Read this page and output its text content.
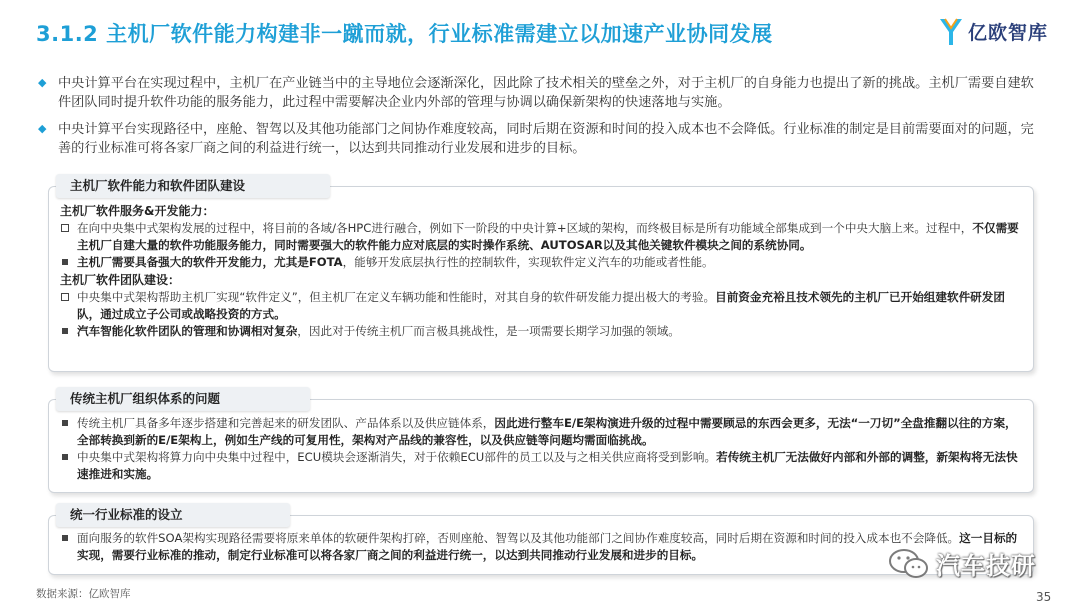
3.1.2 主机厂软件能力构建非一蹴而就，行业标准需建立以加速产业协同发展	亿欧智库
◆ 中央计算平台在实现过程中，主机厂在产业链当中的主导地位会逐渐深化，因此除了技术相关的壁垒之外，对于主机厂的自身能力也提出了新的挑战。主机厂需要自建软件团队同时提升软件功能的服务能力，此过程中需要解决企业内外部的管理与协调以确保新架构的快速落地与实施。
◆ 中央计算平台实现路径中，座舱、智驾以及其他功能部门之间协作难度较高，同时后期在资源和时间的投入成本也不会降低。行业标准的制定是目前需要面对的问题，完善的行业标准可将各家厂商之间的利益进行统一，以达到共同推动行业发展和进步的目标。
主机厂软件能力和软件团队建设
主机厂软件服务&开发能力：
在向中央集中式架构发展的过程中，将目前的各域/各HPC进行融合，例如下一阶段的中央计算+区域的架构，而终极目标是所有功能域全部集成到一个中央大脑上来。过程中，不仅需要主机厂自建大量的软件功能服务能力，同时需要强大的软件能力应对底层的实时操作系统、AUTOSAR以及其他关键软件模块之间的系统协同。
主机厂需要具备强大的软件开发能力，尤其是FOTA，能够开发底层执行性的控制软件，实现软件定义汽车的功能或者性能。
主机厂软件团队建设：
中央集中式架构帮助主机厂实现“软件定义”，但主机厂在定义车辆功能和性能时，对其自身的软件研发能力提出极大的考验。目前资金充裕且技术领先的主机厂已开始组建软件研发团队，通过成立子公司或战略投资的方式。
汽车智能化软件团队的管理和协调相对复杂，因此对于传统主机厂而言极具挑战性，是一项需要长期学习加强的领域。
传统主机厂组织体系的问题
传统主机厂具备多年逐步搭建和完善起来的研发团队、产品体系以及供应链体系，因此进行整车E/E架构演进升级的过程中需要顾忌的东西会更多，无法“一刀切”全盘推翻以往的方案，全部转换到新的E/E架构上，例如生产线的可复用性，架构对产品线的兼容性，以及供应链等问题均需面临挑战。
中央集中式架构将算力向中央集中过程中，ECU模块会逐渐消失，对于依赖ECU部件的员工以及与之相关供应商将受到影响。若传统主机厂无法做好内部和外部的调整，新架构将无法快速推进和实施。
统一行业标准的设立
面向服务的软件SOA架构实现路径需要将原来单体的软硬件架构打碎，否则座舱、智驾以及其他功能部门之间协作难度较高，同时后期在资源和时间的投入成本也不会降低。这一目标的实现，需要行业标准的推动，制定行业标准可以将各家厂商之间的利益进行统一，以达到共同推动行业发展和进步的目标。	汽车技研
数据来源：亿欧智库	35
